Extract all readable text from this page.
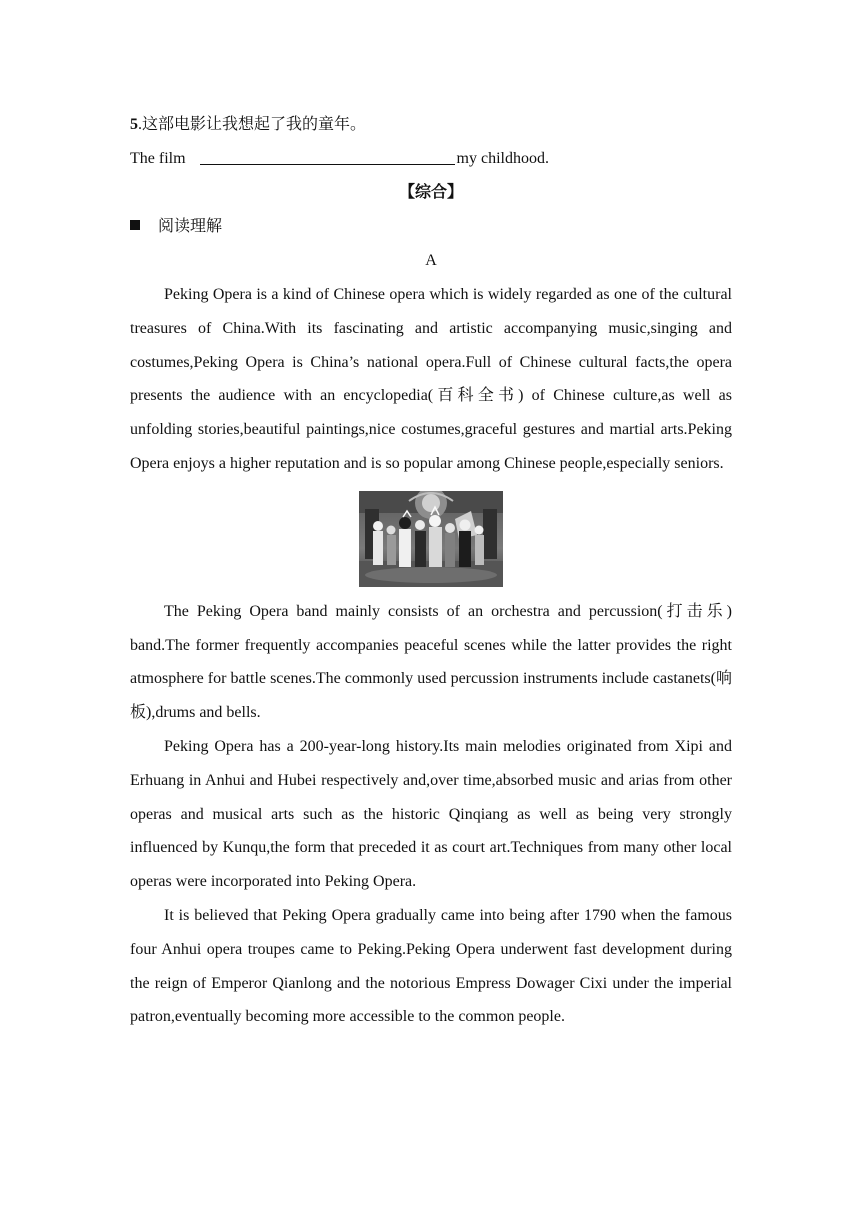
5.这部电影让我想起了我的童年。

The film	my childhood.

【综合】

阅读理解

A

Peking Opera is a kind of Chinese opera which is widely regarded as one of the cultural treasures of China.With its fascinating and artistic accompanying music,singing and costumes,Peking Opera is China’s national opera.Full of Chinese cultural facts,the opera presents the audience with an encyclopedia(百科全书) of Chinese culture,as well as unfolding stories,beautiful paintings,nice costumes,graceful gestures and martial arts.Peking Opera enjoys a higher reputation and is so popular among Chinese people,especially seniors.

The Peking Opera band mainly consists of an orchestra and percussion(打击乐) band.The former frequently accompanies peaceful scenes while the latter provides the right atmosphere for battle scenes.The commonly used percussion instruments include castanets(响板),drums and bells.

Peking Opera has a 200-year-long history.Its main melodies originated from Xipi and Erhuang in Anhui and Hubei respectively and,over time,absorbed music and arias from other operas and musical arts such as the historic Qinqiang as well as being very strongly influenced by Kunqu,the form that preceded it as court art.Techniques from many other local operas were incorporated into Peking Opera.

It is believed that Peking Opera gradually came into being after 1790 when the famous four Anhui opera troupes came to Peking.Peking Opera underwent fast development during the reign of Emperor Qianlong and the notorious Empress Dowager Cixi under the imperial patron,eventually becoming more accessible to the common people.
